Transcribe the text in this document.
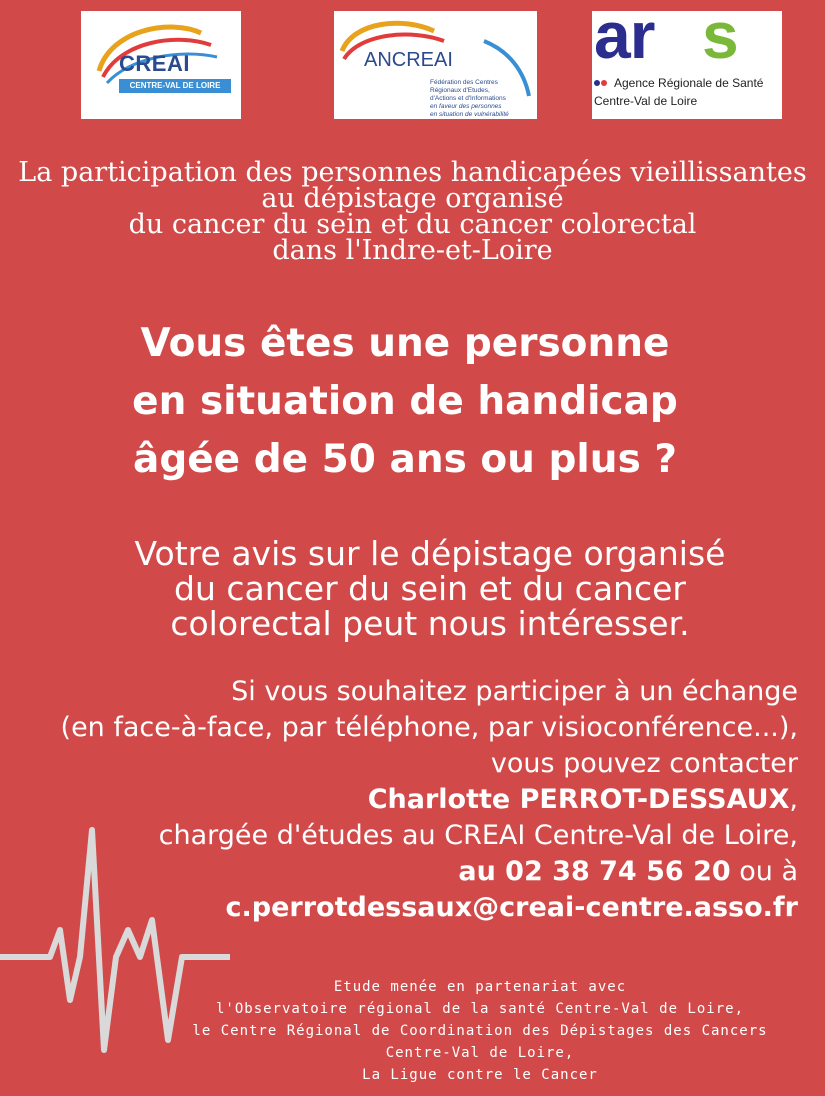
CREAI
CENTRE-VAL DE LOIRE
ANCREAI
Fédération des Centres
Régionaux d'Etudes,
d'Actions et d'Informations
en faveur des personnes
en situation de vulnérabilité
ar s
Agence Régionale de Santé
Centre-Val de Loire
La participation des personnes handicapées vieillissantes
au dépistage organisé
du cancer du sein et du cancer colorectal
dans l'Indre-et-Loire
Vous êtes une personne
en situation de handicap
âgée de 50 ans ou plus ?
Votre avis sur le dépistage organisé
du cancer du sein et du cancer
colorectal peut nous intéresser.
Si vous souhaitez participer à un échange
(en face-à-face, par téléphone, par visioconférence...),
vous pouvez contacter
Charlotte PERROT-DESSAUX,
chargée d'études au CREAI Centre-Val de Loire,
au 02 38 74 56 20 ou à
c.perrotdessaux@creai-centre.asso.fr
Etude menée en partenariat avec
l'Observatoire régional de la santé Centre-Val de Loire,
le Centre Régional de Coordination des Dépistages des Cancers
Centre-Val de Loire,
La Ligue contre le Cancer
